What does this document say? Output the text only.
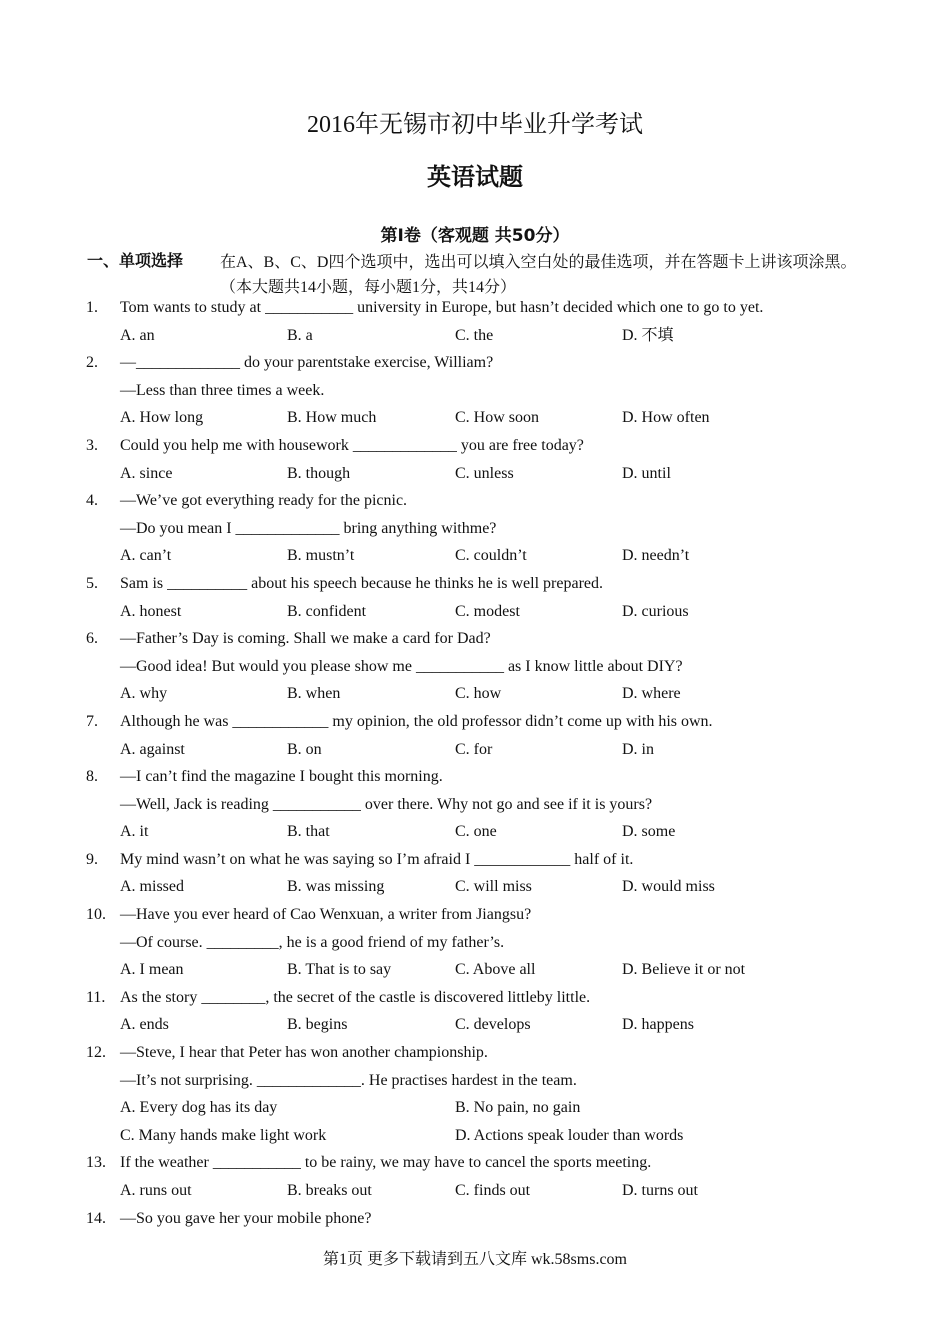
2016年无锡市初中毕业升学考试
英语试题
第I卷（客观题 共50分）
一、单项选择 在A、B、C、D四个选项中，选出可以填入空白处的最佳选项，并在答题卡上讲该项涂黑。
（本大题共14小题，每小题1分，共14分）
1. Tom wants to study at ___________ university in Europe, but hasn’t decided which one to go to yet.
A. an	B. a	C. the	D. 不填
2. —_____________ do your parentstake exercise, William?
—Less than three times a week.
A. How long	B. How much	C. How soon	D. How often
3. Could you help me with housework _____________ you are free today?
A. since	B. though	C. unless	D. until
4. —We’ve got everything ready for the picnic.
—Do you mean I _____________ bring anything withme?
A. can’t	B. mustn’t	C. couldn’t	D. needn’t
5. Sam is __________ about his speech because he thinks he is well prepared.
A. honest	B. confident	C. modest	D. curious
6. —Father’s Day is coming. Shall we make a card for Dad?
—Good idea! But would you please show me ___________ as I know little about DIY?
A. why	B. when	C. how	D. where
7. Although he was ____________ my opinion, the old professor didn’t come up with his own.
A. against	B. on	C. for	D. in
8. —I can’t find the magazine I bought this morning.
—Well, Jack is reading ___________ over there. Why not go and see if it is yours?
A. it	B. that	C. one	D. some
9. My mind wasn’t on what he was saying so I’m afraid I ____________ half of it.
A. missed	B. was missing	C. will miss	D. would miss
10. —Have you ever heard of Cao Wenxuan, a writer from Jiangsu?
—Of course. _________, he is a good friend of my father’s.
A. I mean	B. That is to say	C. Above all	D. Believe it or not
11. As the story ________, the secret of the castle is discovered littleby little.
A. ends	B. begins	C. develops	D. happens
12. —Steve, I hear that Peter has won another championship.
—It’s not surprising. _____________. He practises hardest in the team.
A. Every dog has its day	B. No pain, no gain
C. Many hands make light work	D. Actions speak louder than words
13. If the weather ___________ to be rainy, we may have to cancel the sports meeting.
A. runs out	B. breaks out	C. finds out	D. turns out
14. —So you gave her your mobile phone?
第1页 更多下载请到五八文库 wk.58sms.com
